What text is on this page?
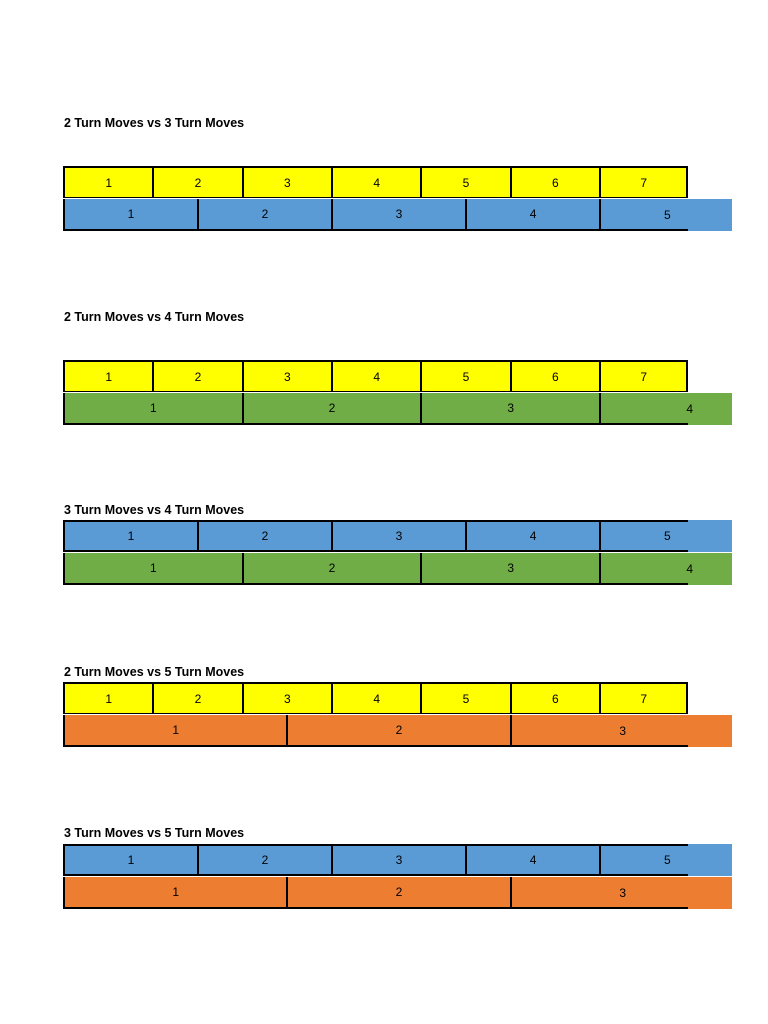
2 Turn Moves vs 3 Turn Moves
1	2	3	4	5	6	7
1	2	3	4	5
2 Turn Moves vs 4 Turn Moves
1	2	3	4	5	6	7
1	2	3	4
3 Turn Moves vs 4 Turn Moves
1	2	3	4	5
1	2	3	4
2 Turn Moves vs 5 Turn Moves
1	2	3	4	5	6	7
1	2	3
3 Turn Moves vs 5 Turn Moves
1	2	3	4	5
1	2	3
